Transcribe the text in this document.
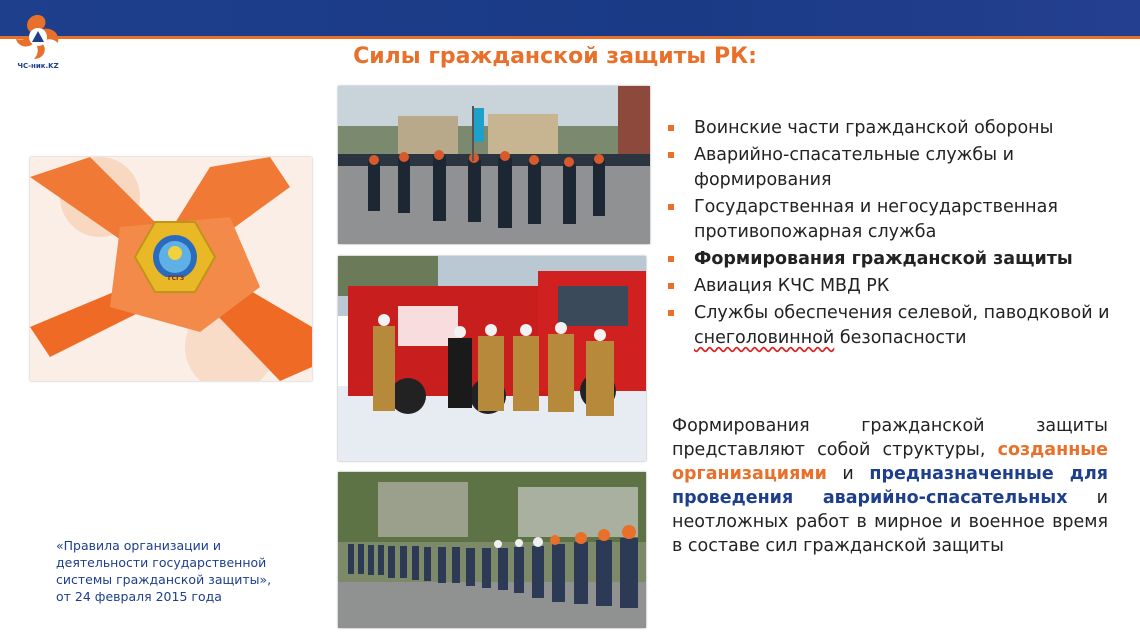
ЧС-ник.KZ	Силы гражданской защиты РК:
ГСГЗ
Воинские части гражданской обороны
Аварийно-спасательные службы и формирования
Государственная и негосударственная противопожарная служба
Формирования гражданской защиты
Авиация КЧС МВД РК
Службы обеспечения селевой, паводковой и снеголовинной безопасности
Формирования гражданской защиты представляют собой структуры, созданные организациями и предназначенные для проведения аварийно-спасательных и неотложных работ в мирное и военное время в составе сил гражданской защиты
«Правила организации и
деятельности государственной
системы гражданской защиты»,
от 24 февраля 2015 года
